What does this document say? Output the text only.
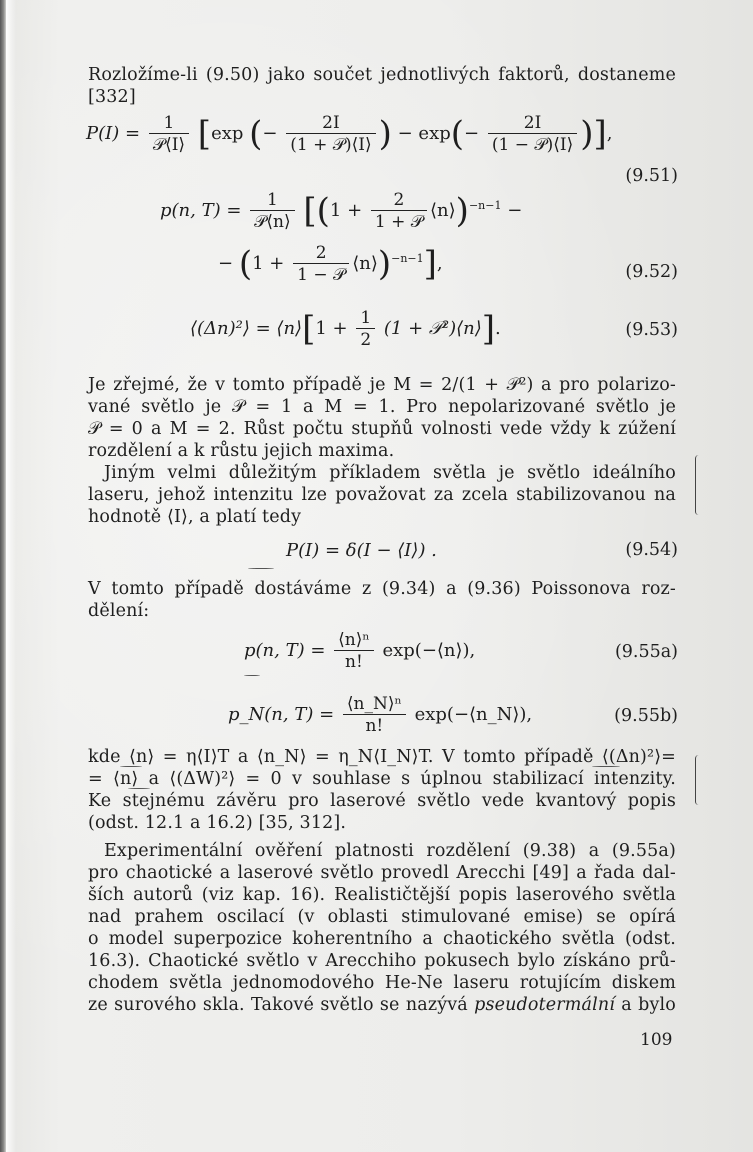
Rozložíme-li (9.50) jako součet jednotlivých faktorů, dostaneme
[332]
$P(I) = \frac{1}{\text{𝒫⟨I⟩}} [\exp$ (− $\frac{2I}{\text{(1 + 𝒫)⟨I⟩}}$ ) − $\exp(- \frac{2I}{\text{(1 − 𝒫)⟨I⟩}}$ )],
(9.51)
p(n, $T) = \frac{1}{\text{𝒫⟨n⟩}} [(1 + \frac{2}{\text{1 + 𝒫}}$ ⟨n⟩)$^{-n-1}$ −
− ($1 + \frac{2}{\text{1 − 𝒫}}$ ⟨n⟩)$^{-n-1}$],	(9.52)
⟨(Δn)²⟩ = ⟨n⟩[1 + $\frac{1}{2} (1$ + 𝒫²)⟨n⟩].	(9.53)
Je zřejmé, že v tomto případě je M = 2/(1 + 𝒫²) a pro polarizo-
vané světlo je 𝒫 = 1 a M = 1. Pro nepolarizované světlo je
𝒫 = 0 a M = 2. Růst počtu stupňů volnosti vede vždy k zúžení
rozdělení a k růstu jejich maxima.
Jiným velmi důležitým příkladem světla je světlo ideálního
laseru, jehož intenzitu lze považovat za zcela stabilizovanou na
hodnotě ⟨I⟩, a platí tedy
P(I) = δ(I − ⟨I⟩) .	(9.54)
V tomto případě dostáváme z (9.34) a (9.36) Poissonova roz-
dělení:
p(n, $T) = \frac{\text{⟨n⟩ⁿ}}{n!}$ exp(−⟨n⟩),	(9.55a)
p_N(n, $T) = \frac{\text{⟨n\_N⟩ⁿ}}{n!}$ exp(−⟨n_N⟩),	(9.55b)
kde ⟨n⟩ = η⟨I⟩T a ⟨n_N⟩ = η_N⟨I_N⟩T. V tomto případě ⟨(Δn)²⟩=
= ⟨n⟩ a ⟨(ΔW)²⟩ = 0 v souhlase s úplnou stabilizací intenzity.
Ke stejnému závěru pro laserové světlo vede kvantový popis
(odst. 12.1 a 16.2) [35, 312].
Experimentální ověření platnosti rozdělení (9.38) a (9.55a)
pro chaotické a laserové světlo provedl Arecchi [49] a řada dal-
ších autorů (viz kap. 16). Realističtější popis laserového světla
nad prahem oscilací (v oblasti stimulované emise) se opírá
o model superpozice koherentního a chaotického světla (odst.
16.3). Chaotické světlo v Arecchiho pokusech bylo získáno prů-
chodem světla jednomodového He-Ne laseru rotujícím diskem
ze surového skla. Takové světlo se nazývá pseudotermální a bylo
109
